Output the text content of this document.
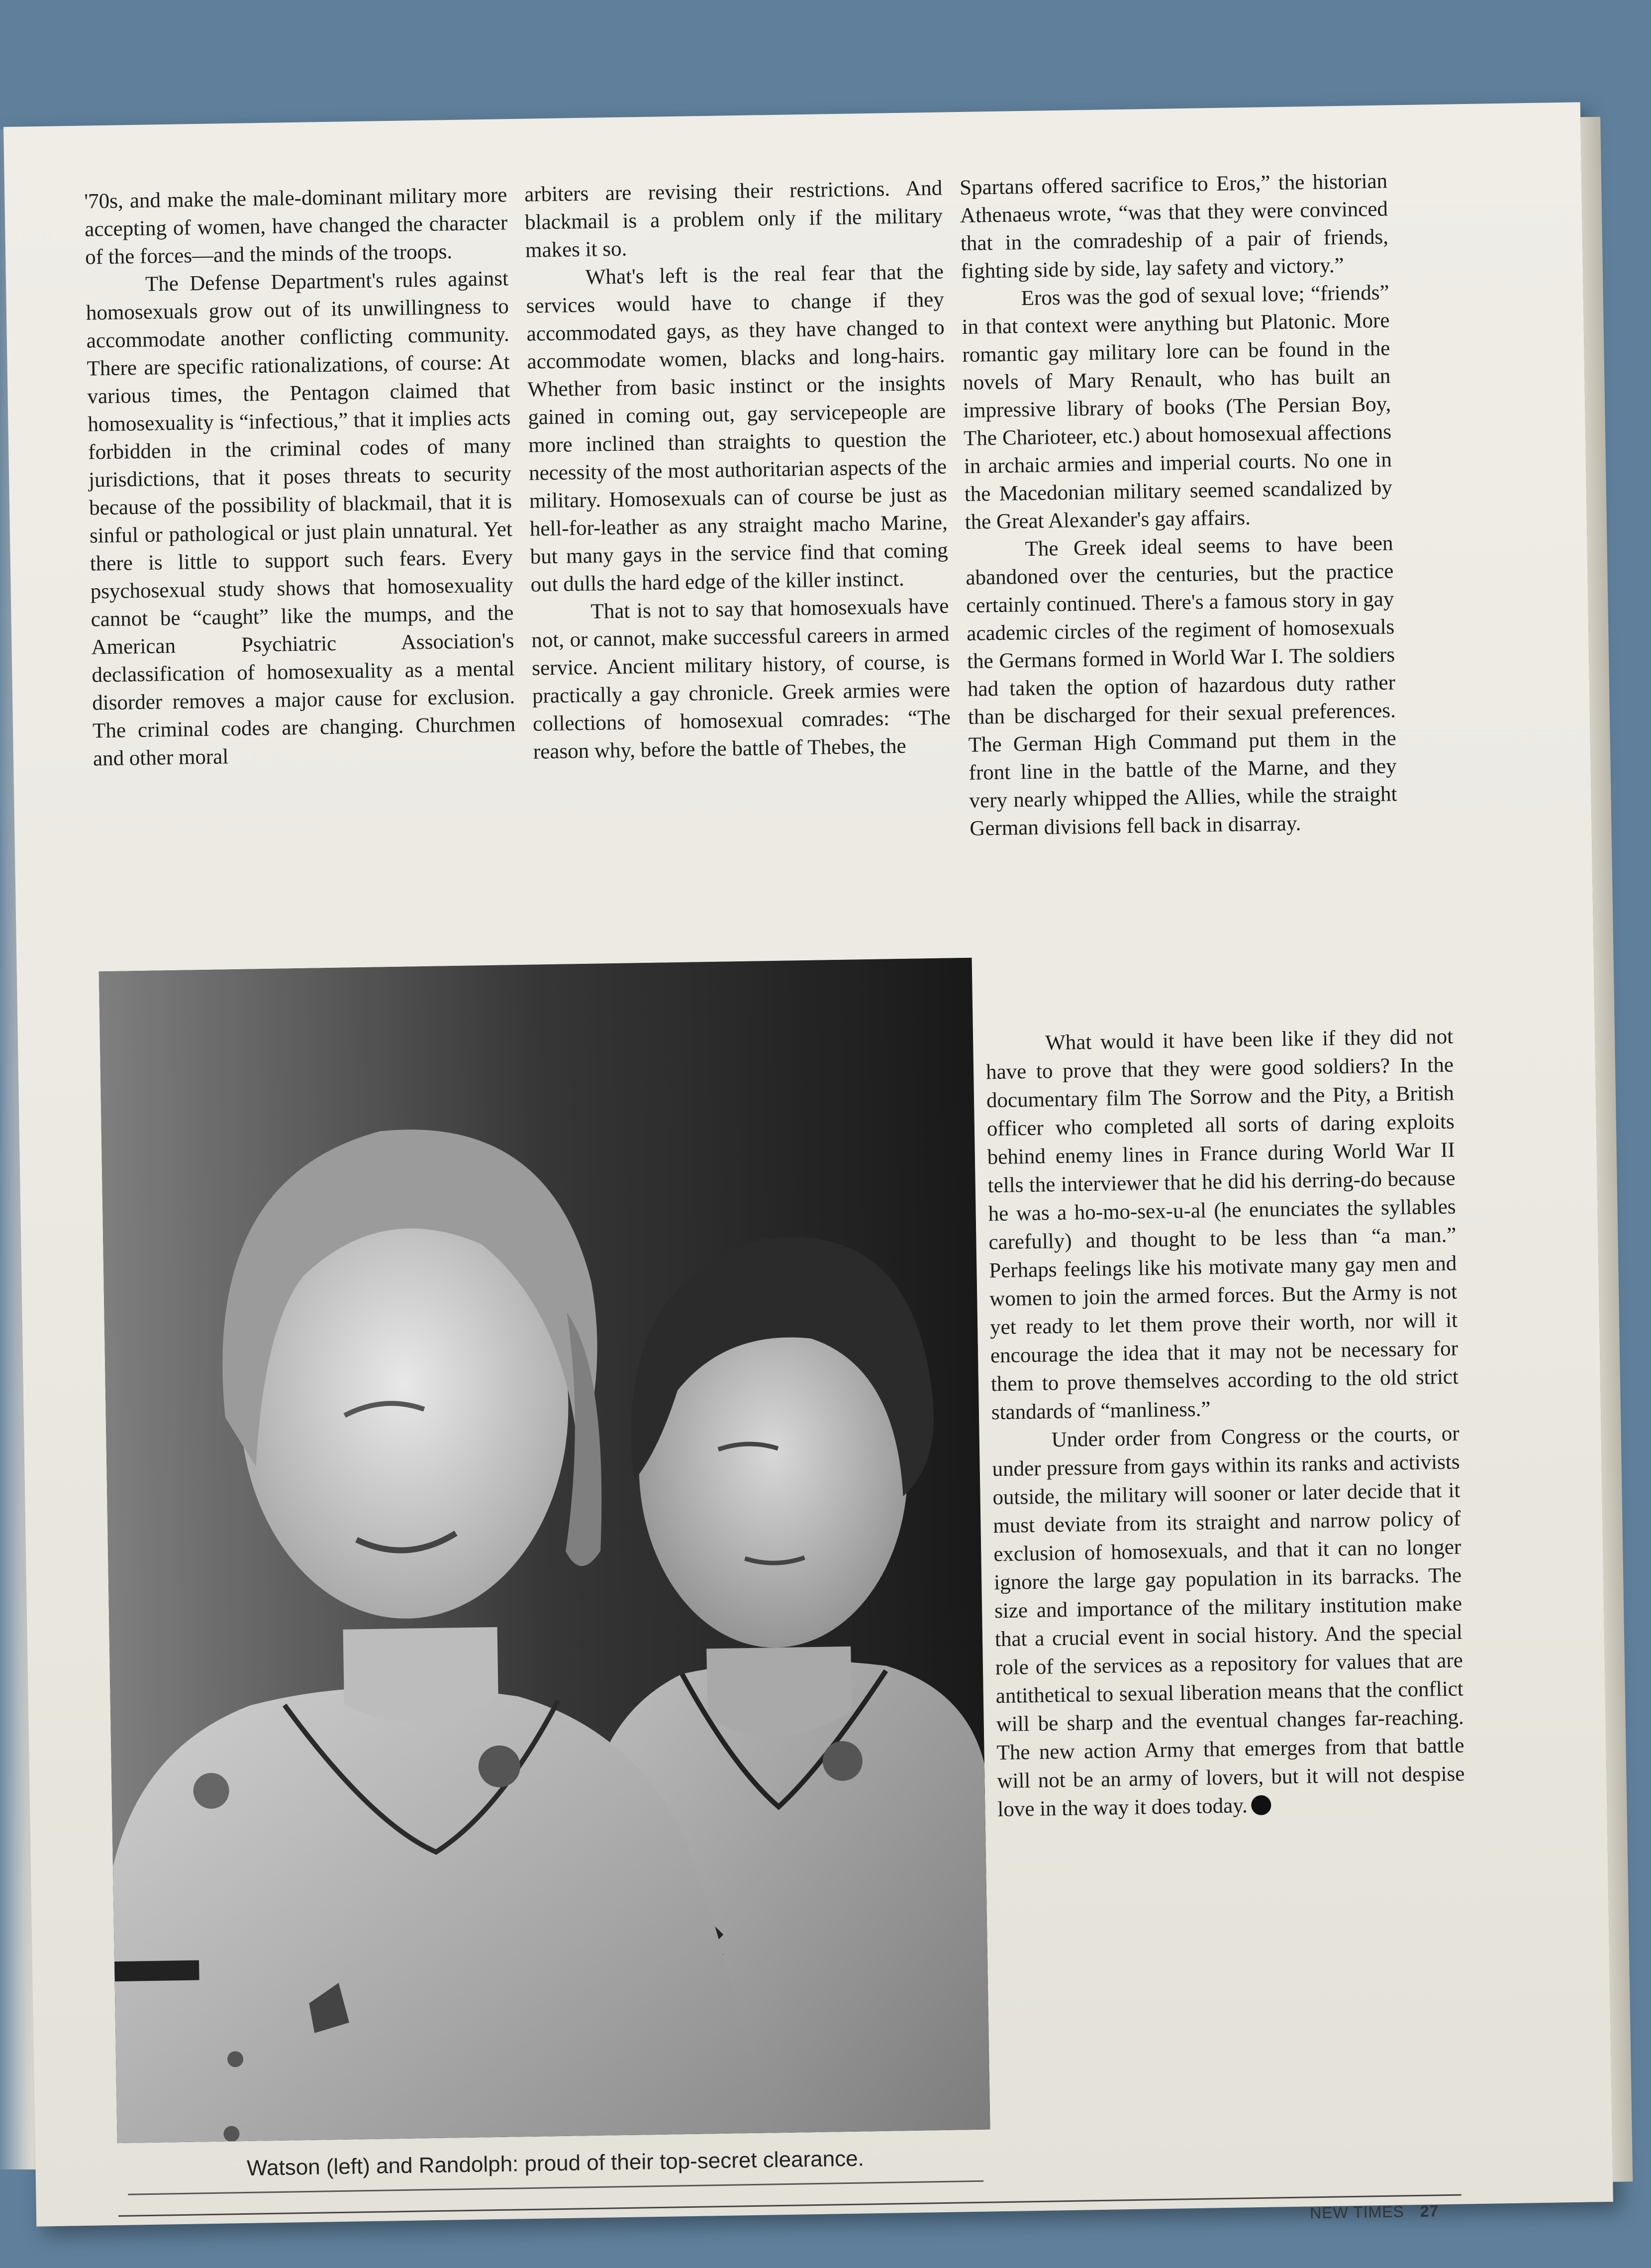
'70s, and make the male-dominant military more accepting of women, have changed the character of the forces—and the minds of the troops.

The Defense Department's rules against homosexuals grow out of its unwillingness to accommodate another conflicting community. There are specific rationalizations, of course: At various times, the Pentagon claimed that homosexuality is “infectious,” that it implies acts forbidden in the criminal codes of many jurisdictions, that it poses threats to security because of the possibility of blackmail, that it is sinful or pathological or just plain unnatural. Yet there is little to support such fears. Every psychosexual study shows that homosexuality cannot be “caught” like the mumps, and the American Psychiatric Association's declassification of homosexuality as a mental disorder removes a major cause for exclusion. The criminal codes are changing. Churchmen and other moral

arbiters are revising their restrictions. And blackmail is a problem only if the military makes it so.

What's left is the real fear that the services would have to change if they accommodated gays, as they have changed to accommodate women, blacks and long-hairs. Whether from basic instinct or the insights gained in coming out, gay servicepeople are more inclined than straights to question the necessity of the most authoritarian aspects of the military. Homosexuals can of course be just as hell-for-leather as any straight macho Marine, but many gays in the service find that coming out dulls the hard edge of the killer instinct.

That is not to say that homosexuals have not, or cannot, make successful careers in armed service. Ancient military history, of course, is practically a gay chronicle. Greek armies were collections of homosexual comrades: “The reason why, before the battle of Thebes, the

Spartans offered sacrifice to Eros,” the historian Athenaeus wrote, “was that they were convinced that in the comradeship of a pair of friends, fighting side by side, lay safety and victory.”

Eros was the god of sexual love; “friends” in that context were anything but Platonic. More romantic gay military lore can be found in the novels of Mary Renault, who has built an impressive library of books (The Persian Boy, The Charioteer, etc.) about homosexual affections in archaic armies and imperial courts. No one in the Macedonian military seemed scandalized by the Great Alexander's gay affairs.

The Greek ideal seems to have been abandoned over the centuries, but the practice certainly continued. There's a famous story in gay academic circles of the regiment of homosexuals the Germans formed in World War I. The soldiers had taken the option of hazardous duty rather than be discharged for their sexual preferences. The German High Command put them in the front line in the battle of the Marne, and they very nearly whipped the Allies, while the straight German divisions fell back in disarray.

What would it have been like if they did not have to prove that they were good soldiers? In the documentary film The Sorrow and the Pity, a British officer who completed all sorts of daring exploits behind enemy lines in France during World War II tells the interviewer that he did his derring-do because he was a ho-mo-sex-u-al (he enunciates the syllables carefully) and thought to be less than “a man.” Perhaps feelings like his motivate many gay men and women to join the armed forces. But the Army is not yet ready to let them prove their worth, nor will it encourage the idea that it may not be necessary for them to prove themselves according to the old strict standards of “manliness.”

Under order from Congress or the courts, or under pressure from gays within its ranks and activists outside, the military will sooner or later decide that it must deviate from its straight and narrow policy of exclusion of homosexuals, and that it can no longer ignore the large gay population in its barracks. The size and importance of the military institution make that a crucial event in social history. And the special role of the services as a repository for values that are antithetical to sexual liberation means that the conflict will be sharp and the eventual changes far-reaching. The new action Army that emerges from that battle will not be an army of lovers, but it will not despise love in the way it does today.

Watson (left) and Randolph: proud of their top-secret clearance.
NEW TIMES 27
